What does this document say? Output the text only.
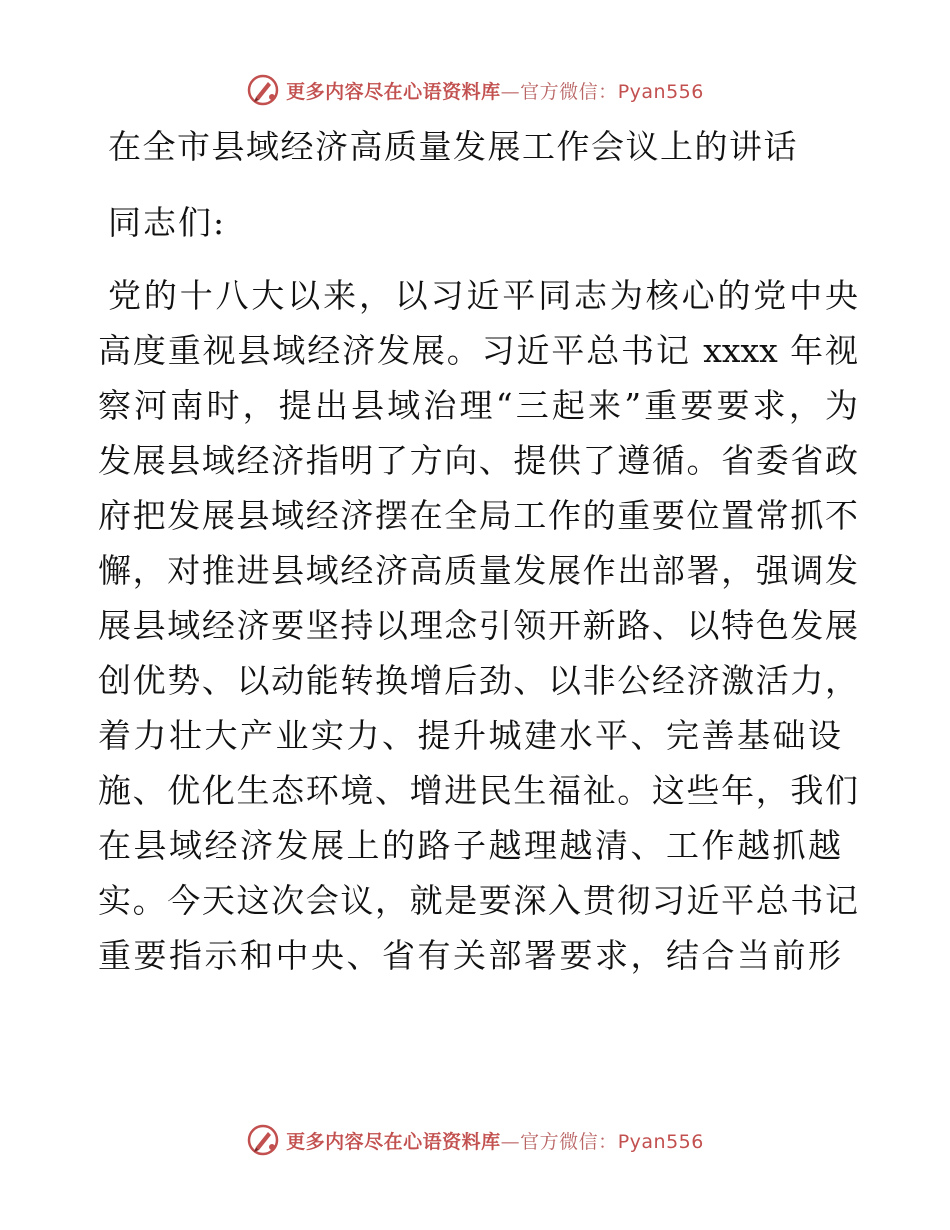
更多内容尽在心语资料库—官方微信：Pyan556
在全市县域经济高质量发展工作会议上的讲话
同志们:
党的十八大以来，以习近平同志为核心的党中央
高度重视县域经济发展。习近平总书记 xxxx 年视
察河南时，提出县域治理“三起来”重要要求，为
发展县域经济指明了方向、提供了遵循。省委省政
府把发展县域经济摆在全局工作的重要位置常抓不
懈，对推进县域经济高质量发展作出部署，强调发
展县域经济要坚持以理念引领开新路、以特色发展
创优势、以动能转换增后劲、以非公经济激活力，
着力壮大产业实力、提升城建水平、完善基础设
施、优化生态环境、增进民生福祉。这些年，我们
在县域经济发展上的路子越理越清、工作越抓越
实。今天这次会议，就是要深入贯彻习近平总书记
重要指示和中央、省有关部署要求，结合当前形
更多内容尽在心语资料库—官方微信：Pyan556
